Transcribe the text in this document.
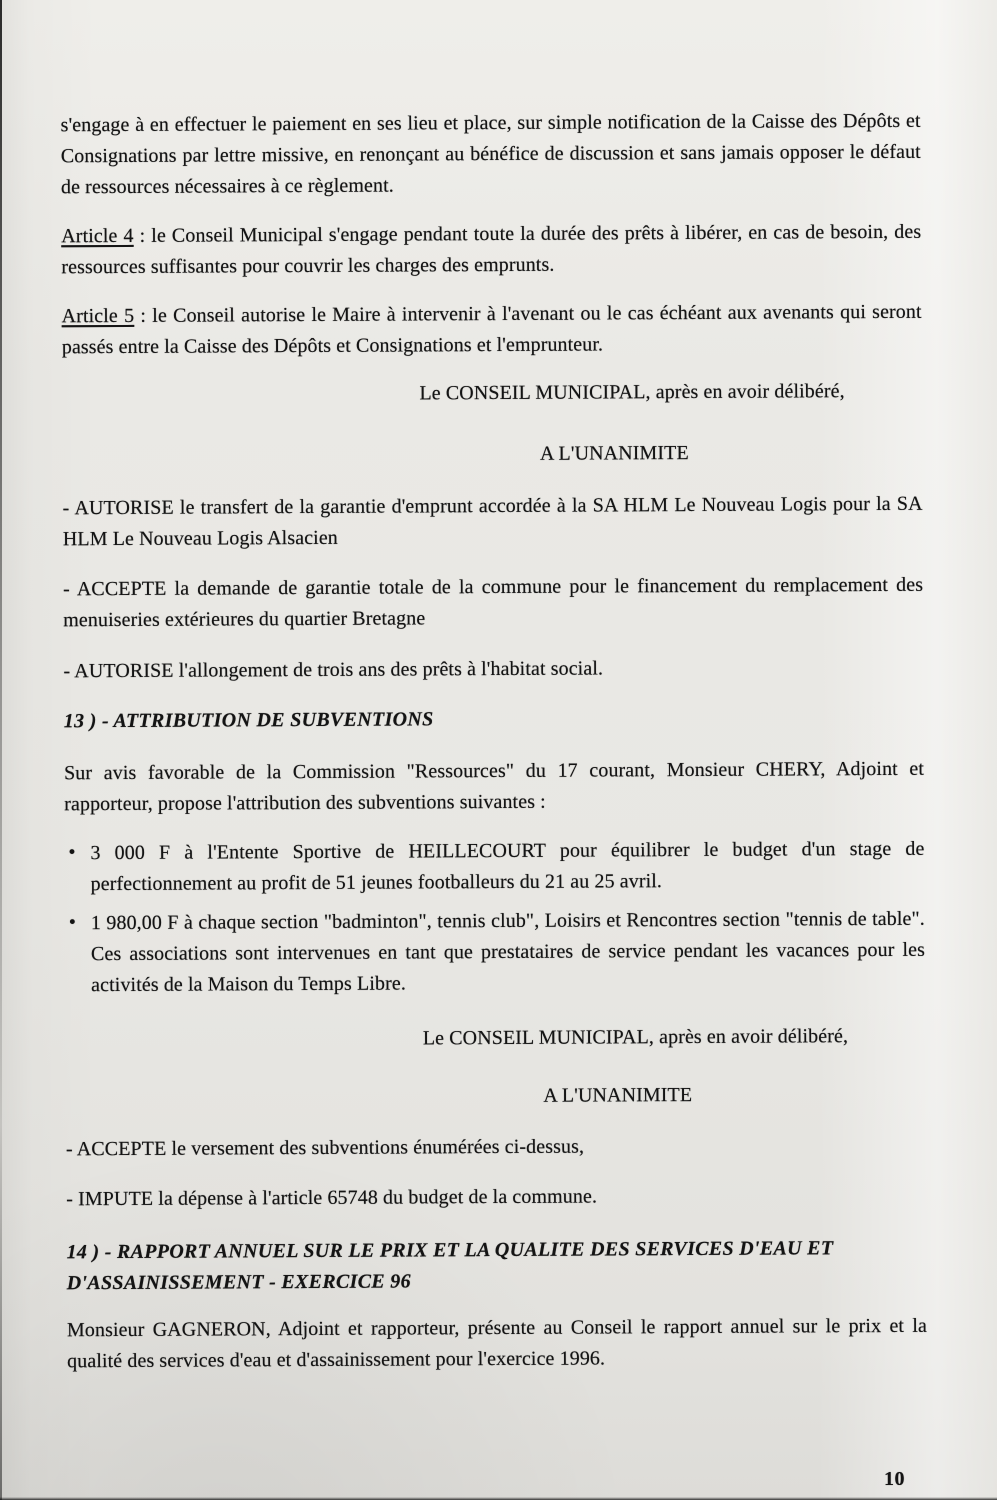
s'engage à en effectuer le paiement en ses lieu et place, sur simple notification de la Caisse des Dépôts et Consignations par lettre missive, en renonçant au bénéfice de discussion et sans jamais opposer le défaut de ressources nécessaires à ce règlement.

Article 4 : le Conseil Municipal s'engage pendant toute la durée des prêts à libérer, en cas de besoin, des ressources suffisantes pour couvrir les charges des emprunts.

Article 5 : le Conseil autorise le Maire à intervenir à l'avenant ou le cas échéant aux avenants qui seront passés entre la Caisse des Dépôts et Consignations et l'emprunteur.

Le CONSEIL MUNICIPAL, après en avoir délibéré,

A L'UNANIMITE

- AUTORISE le transfert de la garantie d'emprunt accordée à la SA HLM Le Nouveau Logis pour la SA HLM Le Nouveau Logis Alsacien

- ACCEPTE la demande de garantie totale de la commune pour le financement du remplacement des menuiseries extérieures du quartier Bretagne

- AUTORISE l'allongement de trois ans des prêts à l'habitat social.

13 ) - ATTRIBUTION DE SUBVENTIONS

Sur avis favorable de la Commission "Ressources" du 17 courant, Monsieur CHERY, Adjoint et rapporteur, propose l'attribution des subventions suivantes :

• 3 000 F à l'Entente Sportive de HEILLECOURT pour équilibrer le budget d'un stage de perfectionnement au profit de 51 jeunes footballeurs du 21 au 25 avril.

• 1 980,00 F à chaque section "badminton", tennis club", Loisirs et Rencontres section "tennis de table". Ces associations sont intervenues en tant que prestataires de service pendant les vacances pour les activités de la Maison du Temps Libre.

Le CONSEIL MUNICIPAL, après en avoir délibéré,

A L'UNANIMITE

- ACCEPTE le versement des subventions énumérées ci-dessus,

- IMPUTE la dépense à l'article 65748 du budget de la commune.

14 ) - RAPPORT ANNUEL SUR LE PRIX ET LA QUALITE DES SERVICES D'EAU ET D'ASSAINISSEMENT - EXERCICE 96

Monsieur GAGNERON, Adjoint et rapporteur, présente au Conseil le rapport annuel sur le prix et la qualité des services d'eau et d'assainissement pour l'exercice 1996.

10
